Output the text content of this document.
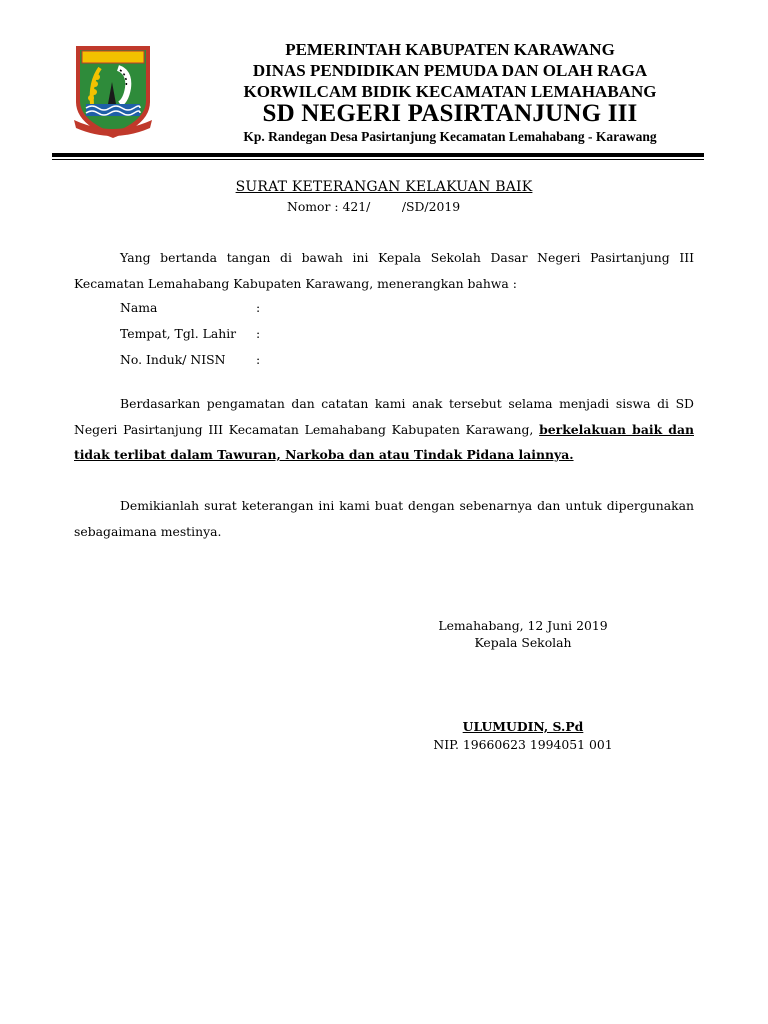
PEMERINTAH KABUPATEN KARAWANG
DINAS PENDIDIKAN PEMUDA DAN OLAH RAGA
KORWILCAM BIDIK KECAMATAN LEMAHABANG
SD NEGERI PASIRTANJUNG III
Kp. Randegan Desa Pasirtanjung Kecamatan Lemahabang - Karawang
SURAT KETERANGAN KELAKUAN BAIK
Nomor : 421/        /SD/2019
Yang bertanda tangan di bawah ini Kepala Sekolah Dasar Negeri Pasirtanjung III Kecamatan Lemahabang Kabupaten Karawang, menerangkan bahwa :
Nama	:
Tempat, Tgl. Lahir :
No. Induk/ NISN :
Berdasarkan pengamatan dan catatan kami anak tersebut selama menjadi siswa di SD Negeri Pasirtanjung III Kecamatan Lemahabang Kabupaten Karawang, berkelakuan baik dan tidak terlibat dalam Tawuran, Narkoba dan atau Tindak Pidana lainnya.
Demikianlah surat keterangan ini kami buat dengan sebenarnya dan untuk dipergunakan sebagaimana mestinya.
Lemahabang, 12 Juni 2019
Kepala Sekolah
ULUMUDIN, S.Pd
NIP. 19660623 1994051 001
